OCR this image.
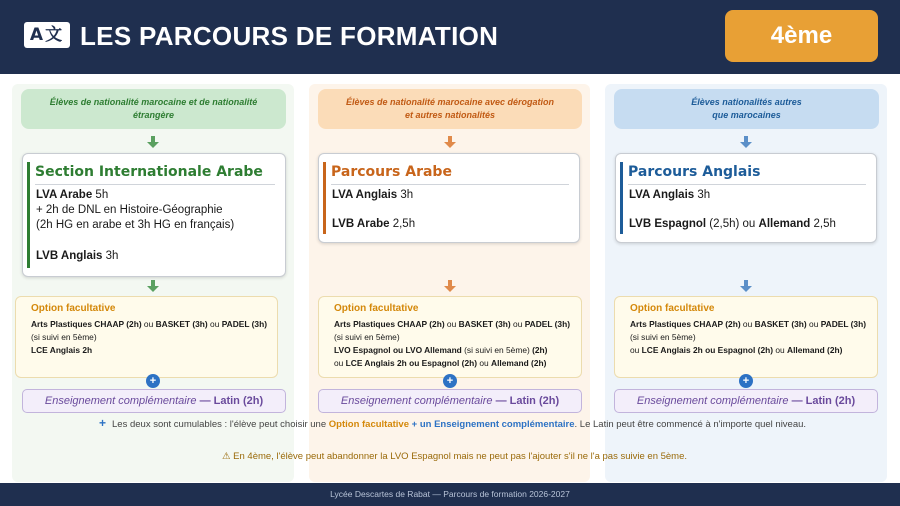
A文 LES PARCOURS DE FORMATION	4ème
Élèves de nationalité marocaine et de nationalité étrangère
Élèves de nationalité marocaine avec dérogation
et autres nationalités
Élèves nationalités autres
que marocaines
Section Internationale Arabe
LVA Arabe 5h
+ 2h de DNL en Histoire-Géographie
(2h HG en arabe et 3h HG en français)
LVB Anglais 3h
Parcours Arabe
LVA Anglais 3h
LVB Arabe 2,5h
Parcours Anglais
LVA Anglais 3h
LVB Espagnol (2,5h) ou Allemand 2,5h
Option facultative
Arts Plastiques CHAAP (2h) ou BASKET (3h) ou PADEL (3h)
(si suivi en 5ème)
LCE Anglais 2h
Option facultative
Arts Plastiques CHAAP (2h) ou BASKET (3h) ou PADEL (3h)
(si suivi en 5ème)
LVO Espagnol ou LVO Allemand (si suivi en 5ème) (2h)
ou LCE Anglais 2h ou Espagnol (2h) ou Allemand (2h)
Option facultative
Arts Plastiques CHAAP (2h) ou BASKET (3h) ou PADEL (3h)
(si suivi en 5ème)
ou LCE Anglais 2h ou Espagnol (2h) ou Allemand (2h)
+	+	+
Enseignement complémentaire — Latin (2h)	Enseignement complémentaire — Latin (2h)	Enseignement complémentaire — Latin (2h)
+ Les deux sont cumulables : l'élève peut choisir une Option facultative + un Enseignement complémentaire. Le Latin peut être commencé à n'importe quel niveau.
⚠ En 4ème, l'élève peut abandonner la LVO Espagnol mais ne peut pas l'ajouter s'il ne l'a pas suivie en 5ème.
Lycée Descartes de Rabat — Parcours de formation 2026-2027
